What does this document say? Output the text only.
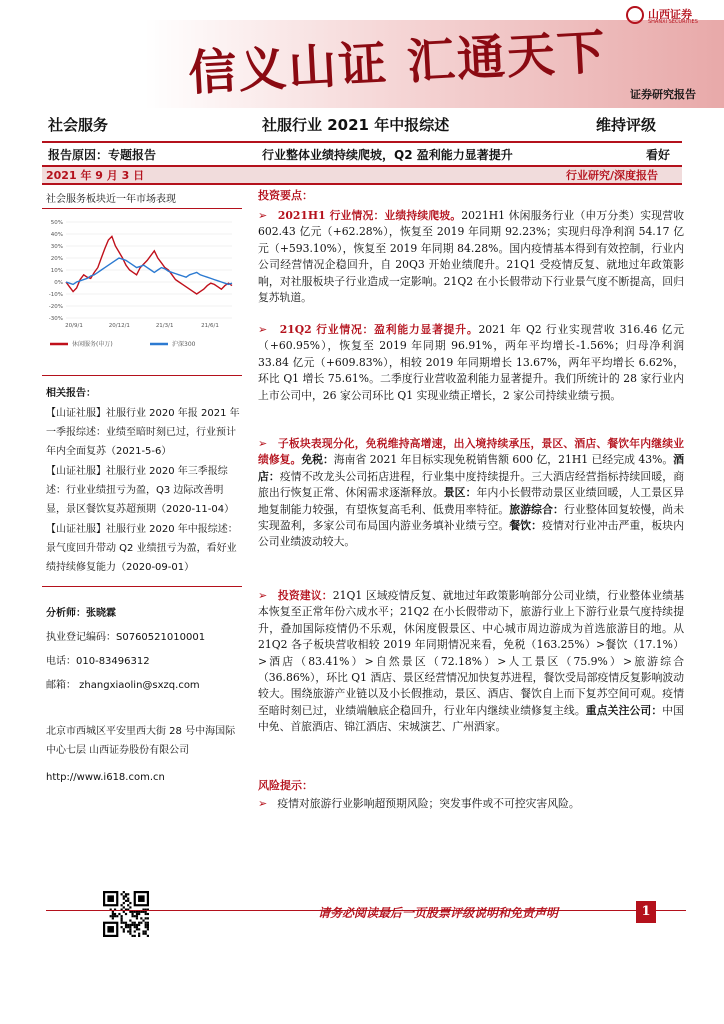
信义山证 汇通天下
山西证券
SHANXI SECURITIES
证券研究报告
社会服务	社服行业 2021 年中报综述	维持评级
报告原因：专题报告	行业整体业绩持续爬坡，Q2 盈利能力显著提升	看好
2021 年 9 月 3 日	行业研究/深度报告
社会服务板块近一年市场表现
50%
40%
30%
20%
10%
0%
-10%
-20%
-30%
20/9/1	20/12/1	21/3/1	21/6/1
休闲服务(申万)	沪深300
相关报告：
【山证社服】社服行业 2020 年报 2021 年一季报综述：业绩至暗时刻已过，行业预计年内全面复苏（2021-5-6）
【山证社服】社服行业 2020 年三季报综述：行业业绩扭亏为盈，Q3 边际改善明显，景区餐饮复苏超预期（2020-11-04）
【山证社服】社服行业 2020 年中报综述：景气度回升带动 Q2 业绩扭亏为盈，看好业绩持续修复能力（2020-09-01）
分析师：张晓霖
执业登记编码：S0760521010001
电话：010-83496312
邮箱： zhangxiaolin@sxzq.com
北京市西城区平安里西大街 28 号中海国际中心七层 山西证券股份有限公司
http://www.i618.com.cn
投资要点：
➢ 2021H1 行业情况：业绩持续爬坡。2021H1 休闲服务行业（申万分类）实现营收 602.43 亿元（+62.28%），恢复至 2019 年同期 92.23%；实现归母净利润 54.17 亿元（+593.10%），恢复至 2019 年同期 84.28%。国内疫情基本得到有效控制，行业内公司经营情况企稳回升，自 20Q3 开始业绩爬升。21Q1 受疫情反复、就地过年政策影响，对社服板块子行业造成一定影响。21Q2 在小长假带动下行业景气度不断提高，回归复苏轨道。
➢ 21Q2 行业情况：盈利能力显著提升。2021 年 Q2 行业实现营收 316.46 亿元（+60.95%），恢复至 2019 年同期 96.91%，两年平均增长-1.56%；归母净利润 33.84 亿元（+609.83%），相较 2019 年同期增长 13.67%，两年平均增长 6.62%，环比 Q1 增长 75.61%。二季度行业营收盈利能力显著提升。我们所统计的 28 家行业内上市公司中，26 家公司环比 Q1 实现业绩正增长，2 家公司持续业绩亏损。
➢ 子板块表现分化，免税维持高增速，出入境持续承压，景区、酒店、餐饮年内继续业绩修复。免税：海南省 2021 年目标实现免税销售额 600 亿，21H1 已经完成 43%。酒店：疫情不改龙头公司拓店进程，行业集中度持续提升。三大酒店经营指标持续回暖，商旅出行恢复正常、休闲需求逐渐释放。景区：年内小长假带动景区业绩回暖，人工景区异地复制能力较强，有望恢复高毛利、低费用率特征。旅游综合：行业整体回复较慢，尚未实现盈利，多家公司布局国内游业务填补业绩亏空。餐饮：疫情对行业冲击严重，板块内公司业绩波动较大。
➢ 投资建议：21Q1 区域疫情反复、就地过年政策影响部分公司业绩，行业整体业绩基本恢复至正常年份六成水平；21Q2 在小长假带动下，旅游行业上下游行业景气度持续提升，叠加国际疫情仍不乐观，休闲度假景区、中心城市周边游成为首选旅游目的地。从 21Q2 各子板块营收相较 2019 年同期情况来看，免税（163.25%）>餐饮（17.1%）>酒店（83.41%）>自然景区（72.18%）>人工景区（75.9%）>旅游综合（36.86%），环比 Q1 酒店、景区经营情况加快复苏进程，餐饮受局部疫情反复影响波动较大。围绕旅游产业链以及小长假推动，景区、酒店、餐饮自上而下复苏空间可观。疫情至暗时刻已过，业绩端触底企稳回升，行业年内继续业绩修复主线。重点关注公司：中国中免、首旅酒店、锦江酒店、宋城演艺、广州酒家。
风险提示：
➢ 疫情对旅游行业影响超预期风险；突发事件或不可控灾害风险。
请务必阅读最后一页股票评级说明和免责声明	1
